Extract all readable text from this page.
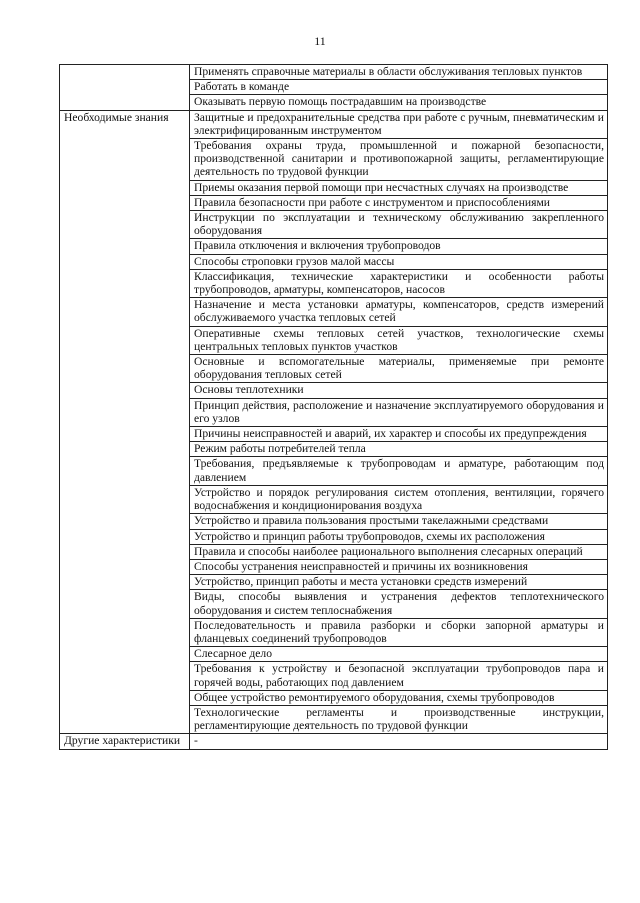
11
	Применять справочные материалы в области обслуживания тепловых пунктов
	Работать в команде
	Оказывать первую помощь пострадавшим на производстве
Необходимые знания	Защитные и предохранительные средства при работе с ручным, пневматическим и электрифицированным инструментом
	Требования охраны труда, промышленной и пожарной безопасности, производственной санитарии и противопожарной защиты, регламентирующие деятельность по трудовой функции
	Приемы оказания первой помощи при несчастных случаях на производстве
	Правила безопасности при работе с инструментом и приспособлениями
	Инструкции по эксплуатации и техническому обслуживанию закрепленного оборудования
	Правила отключения и включения трубопроводов
	Способы строповки грузов малой массы
	Классификация, технические характеристики и особенности работы трубопроводов, арматуры, компенсаторов, насосов
	Назначение и места установки арматуры, компенсаторов, средств измерений обслуживаемого участка тепловых сетей
	Оперативные схемы тепловых сетей участков, технологические схемы центральных тепловых пунктов участков
	Основные и вспомогательные материалы, применяемые при ремонте оборудования тепловых сетей
	Основы теплотехники
	Принцип действия, расположение и назначение эксплуатируемого оборудования и его узлов
	Причины неисправностей и аварий, их характер и способы их предупреждения
	Режим работы потребителей тепла
	Требования, предъявляемые к трубопроводам и арматуре, работающим под давлением
	Устройство и порядок регулирования систем отопления, вентиляции, горячего водоснабжения и кондиционирования воздуха
	Устройство и правила пользования простыми такелажными средствами
	Устройство и принцип работы трубопроводов, схемы их расположения
	Правила и способы наиболее рационального выполнения слесарных операций
	Способы устранения неисправностей и причины их возникновения
	Устройство, принцип работы и места установки средств измерений
	Виды, способы выявления и устранения дефектов теплотехнического оборудования и систем теплоснабжения
	Последовательность и правила разборки и сборки запорной арматуры и фланцевых соединений трубопроводов
	Слесарное дело
	Требования к устройству и безопасной эксплуатации трубопроводов пара и горячей воды, работающих под давлением
	Общее устройство ремонтируемого оборудования, схемы трубопроводов
	Технологические регламенты и производственные инструкции, регламентирующие деятельность по трудовой функции
Другие характеристики	-
